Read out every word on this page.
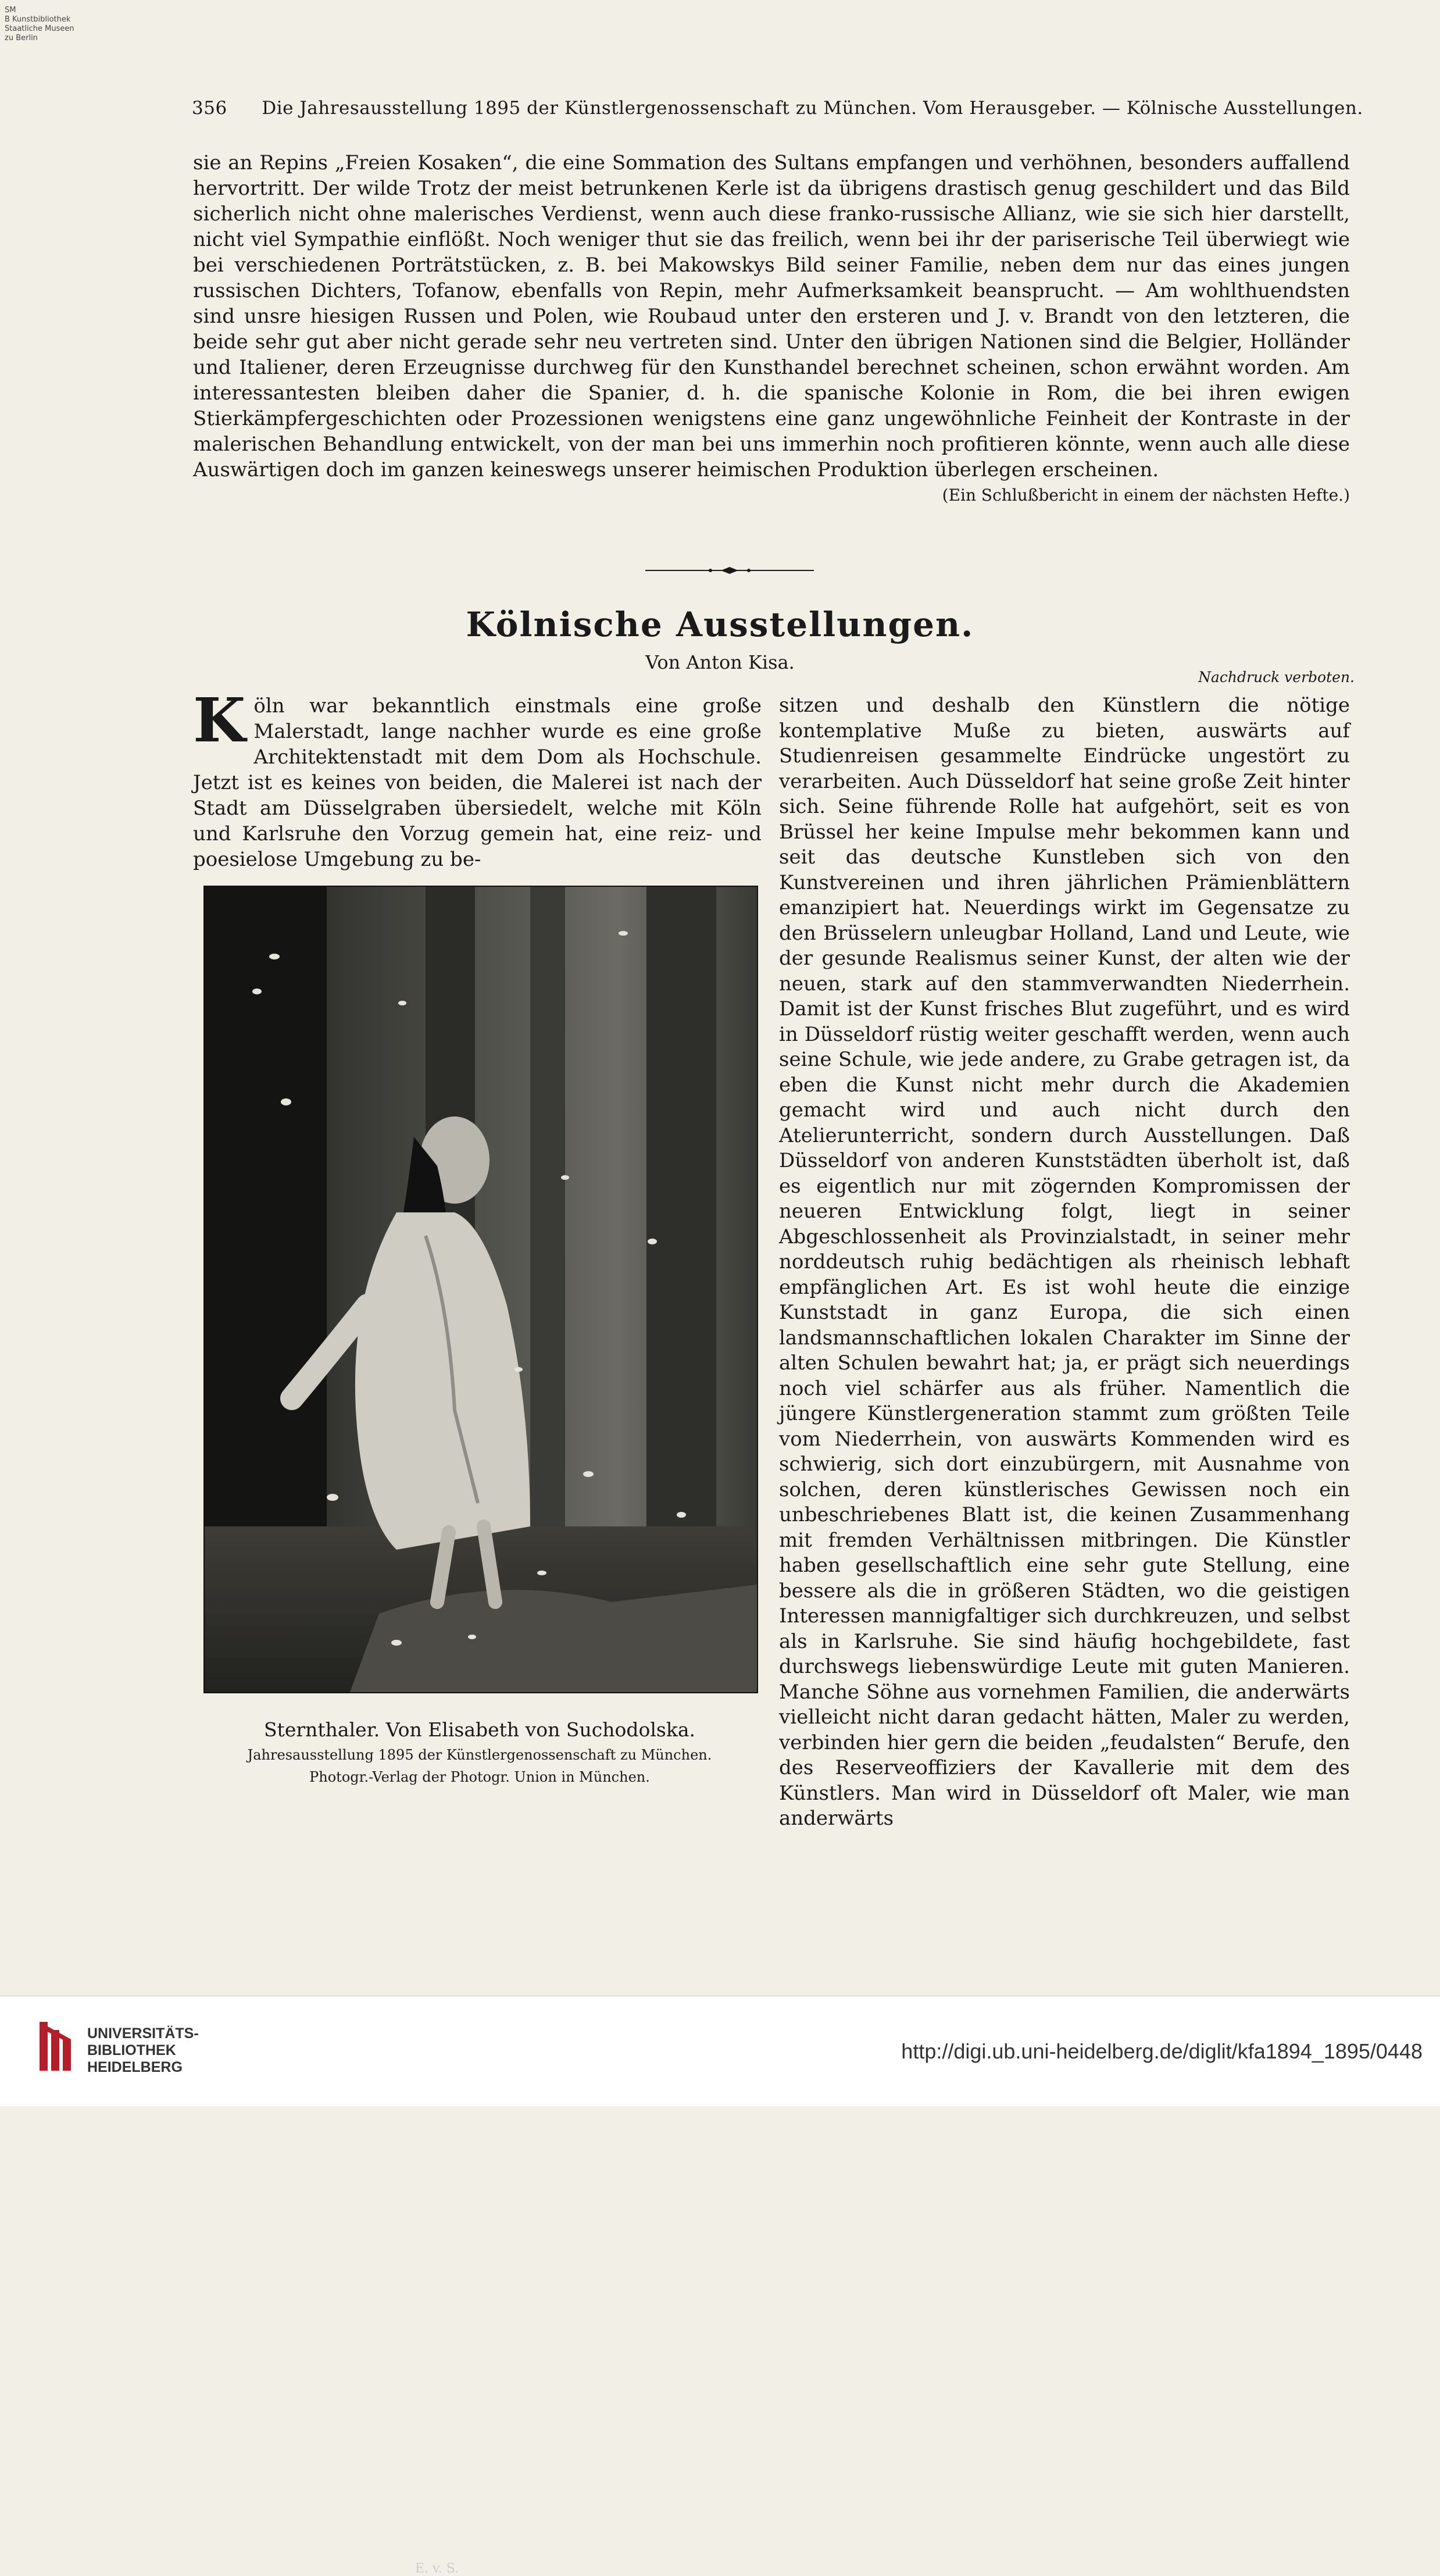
SM
B Kunstbibliothek
Staatliche Museen
zu Berlin
356 Die Jahresausstellung 1895 der Künstlergenossenschaft zu München. Vom Herausgeber. — Kölnische Ausstellungen.

sie an Repins „Freien Kosaken“, die eine Sommation des Sultans empfangen und verhöhnen, besonders auffallend hervortritt. Der wilde Trotz der meist betrunkenen Kerle ist da übrigens drastisch genug geschildert und das Bild sicherlich nicht ohne malerisches Verdienst, wenn auch diese franko-russische Allianz, wie sie sich hier darstellt, nicht viel Sympathie einflößt. Noch weniger thut sie das freilich, wenn bei ihr der pariserische Teil überwiegt wie bei verschiedenen Porträtstücken, z. B. bei Makowskys Bild seiner Familie, neben dem nur das eines jungen russischen Dichters, Tofanow, ebenfalls von Repin, mehr Aufmerksamkeit beansprucht. — Am wohlthuendsten sind unsre hiesigen Russen und Polen, wie Roubaud unter den ersteren und J. v. Brandt von den letzteren, die beide sehr gut aber nicht gerade sehr neu vertreten sind. Unter den übrigen Nationen sind die Belgier, Holländer und Italiener, deren Erzeugnisse durchweg für den Kunsthandel berechnet scheinen, schon erwähnt worden. Am interessantesten bleiben daher die Spanier, d. h. die spanische Kolonie in Rom, die bei ihren ewigen Stierkämpfergeschichten oder Prozessionen wenigstens eine ganz ungewöhnliche Feinheit der Kontraste in der malerischen Behandlung entwickelt, von der man bei uns immerhin noch profitieren könnte, wenn auch alle diese Auswärtigen doch im ganzen keineswegs unserer heimischen Produktion überlegen erscheinen.
(Ein Schlußbericht in einem der nächsten Hefte.)

Kölnische Ausstellungen.
Von Anton Kisa.
Nachdruck verboten.

Köln war bekanntlich einstmals eine große Malerstadt, lange nachher wurde es eine große Architektenstadt mit dem Dom als Hochschule. Jetzt ist es keines von beiden, die Malerei ist nach der Stadt am Düsselgraben übersiedelt, welche mit Köln und Karlsruhe den Vorzug gemein hat, eine reiz- und poesielose Umgebung zu be-

E. v. S.
Sternthaler. Von Elisabeth von Suchodolska.
Jahresausstellung 1895 der Künstlergenossenschaft zu München.
Photogr.-Verlag der Photogr. Union in München.

sitzen und deshalb den Künstlern die nötige kontemplative Muße zu bieten, auswärts auf Studienreisen gesammelte Eindrücke ungestört zu verarbeiten. Auch Düsseldorf hat seine große Zeit hinter sich. Seine führende Rolle hat aufgehört, seit es von Brüssel her keine Impulse mehr bekommen kann und seit das deutsche Kunstleben sich von den Kunstvereinen und ihren jährlichen Prämienblättern emanzipiert hat. Neuerdings wirkt im Gegensatze zu den Brüsselern unleugbar Holland, Land und Leute, wie der gesunde Realismus seiner Kunst, der alten wie der neuen, stark auf den stammverwandten Niederrhein. Damit ist der Kunst frisches Blut zugeführt, und es wird in Düsseldorf rüstig weiter geschafft werden, wenn auch seine Schule, wie jede andere, zu Grabe getragen ist, da eben die Kunst nicht mehr durch die Akademien gemacht wird und auch nicht durch den Atelierunterricht, sondern durch Ausstellungen. Daß Düsseldorf von anderen Kunststädten überholt ist, daß es eigentlich nur mit zögernden Kompromissen der neueren Entwicklung folgt, liegt in seiner Abgeschlossenheit als Provinzialstadt, in seiner mehr norddeutsch ruhig bedächtigen als rheinisch lebhaft empfänglichen Art. Es ist wohl heute die einzige Kunststadt in ganz Europa, die sich einen landsmannschaftlichen lokalen Charakter im Sinne der alten Schulen bewahrt hat; ja, er prägt sich neuerdings noch viel schärfer aus als früher. Namentlich die jüngere Künstlergeneration stammt zum größten Teile vom Niederrhein, von auswärts Kommenden wird es schwierig, sich dort einzubürgern, mit Ausnahme von solchen, deren künstlerisches Gewissen noch ein unbeschriebenes Blatt ist, die keinen Zusammenhang mit fremden Verhältnissen mitbringen. Die Künstler haben gesellschaftlich eine sehr gute Stellung, eine bessere als die in größeren Städten, wo die geistigen Interessen mannigfaltiger sich durchkreuzen, und selbst als in Karlsruhe. Sie sind häufig hochgebildete, fast durchswegs liebenswürdige Leute mit guten Manieren. Manche Söhne aus vornehmen Familien, die anderwärts vielleicht nicht daran gedacht hätten, Maler zu werden, verbinden hier gern die beiden „feudalsten“ Berufe, den des Reserveoffiziers der Kavallerie mit dem des Künstlers. Man wird in Düsseldorf oft Maler, wie man anderwärts

UNIVERSITÄTS-
BIBLIOTHEK
HEIDELBERG
http://digi.ub.uni-heidelberg.de/diglit/kfa1894_1895/0448
